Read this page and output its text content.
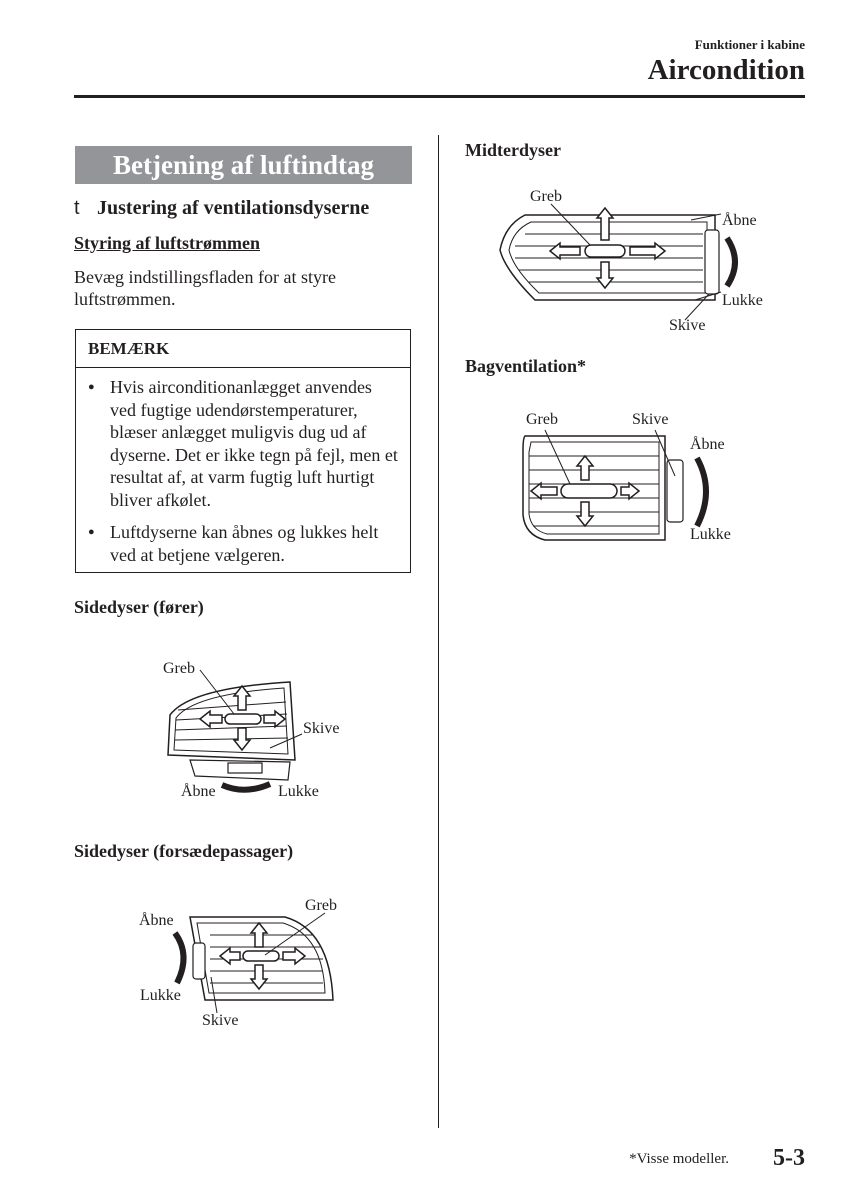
Funktioner i kabine
Aircondition
Betjening af luftindtag
t Justering af ventilationsdyserne
Styring af luftstrømmen
Bevæg indstillingsfladen for at styre luftstrømmen.
BEMÆRK
● Hvis airconditionanlægget anvendes ved fugtige udendørstemperaturer, blæser anlægget muligvis dug ud af dyserne. Det er ikke tegn på fejl, men et resultat af, at varm fugtig luft hurtigt bliver afkølet.
● Luftdyserne kan åbnes og lukkes helt ved at betjene vælgeren.
Sidedyser (fører)
Greb
Skive
Åbne	Lukke
Sidedyser (forsædepassager)
Greb
Åbne
Lukke
Skive
Midterdyser
Greb
Åbne
Lukke
Skive
Bagventilation*
Greb	Skive
Åbne
Lukke
*Visse modeller. 5-3
